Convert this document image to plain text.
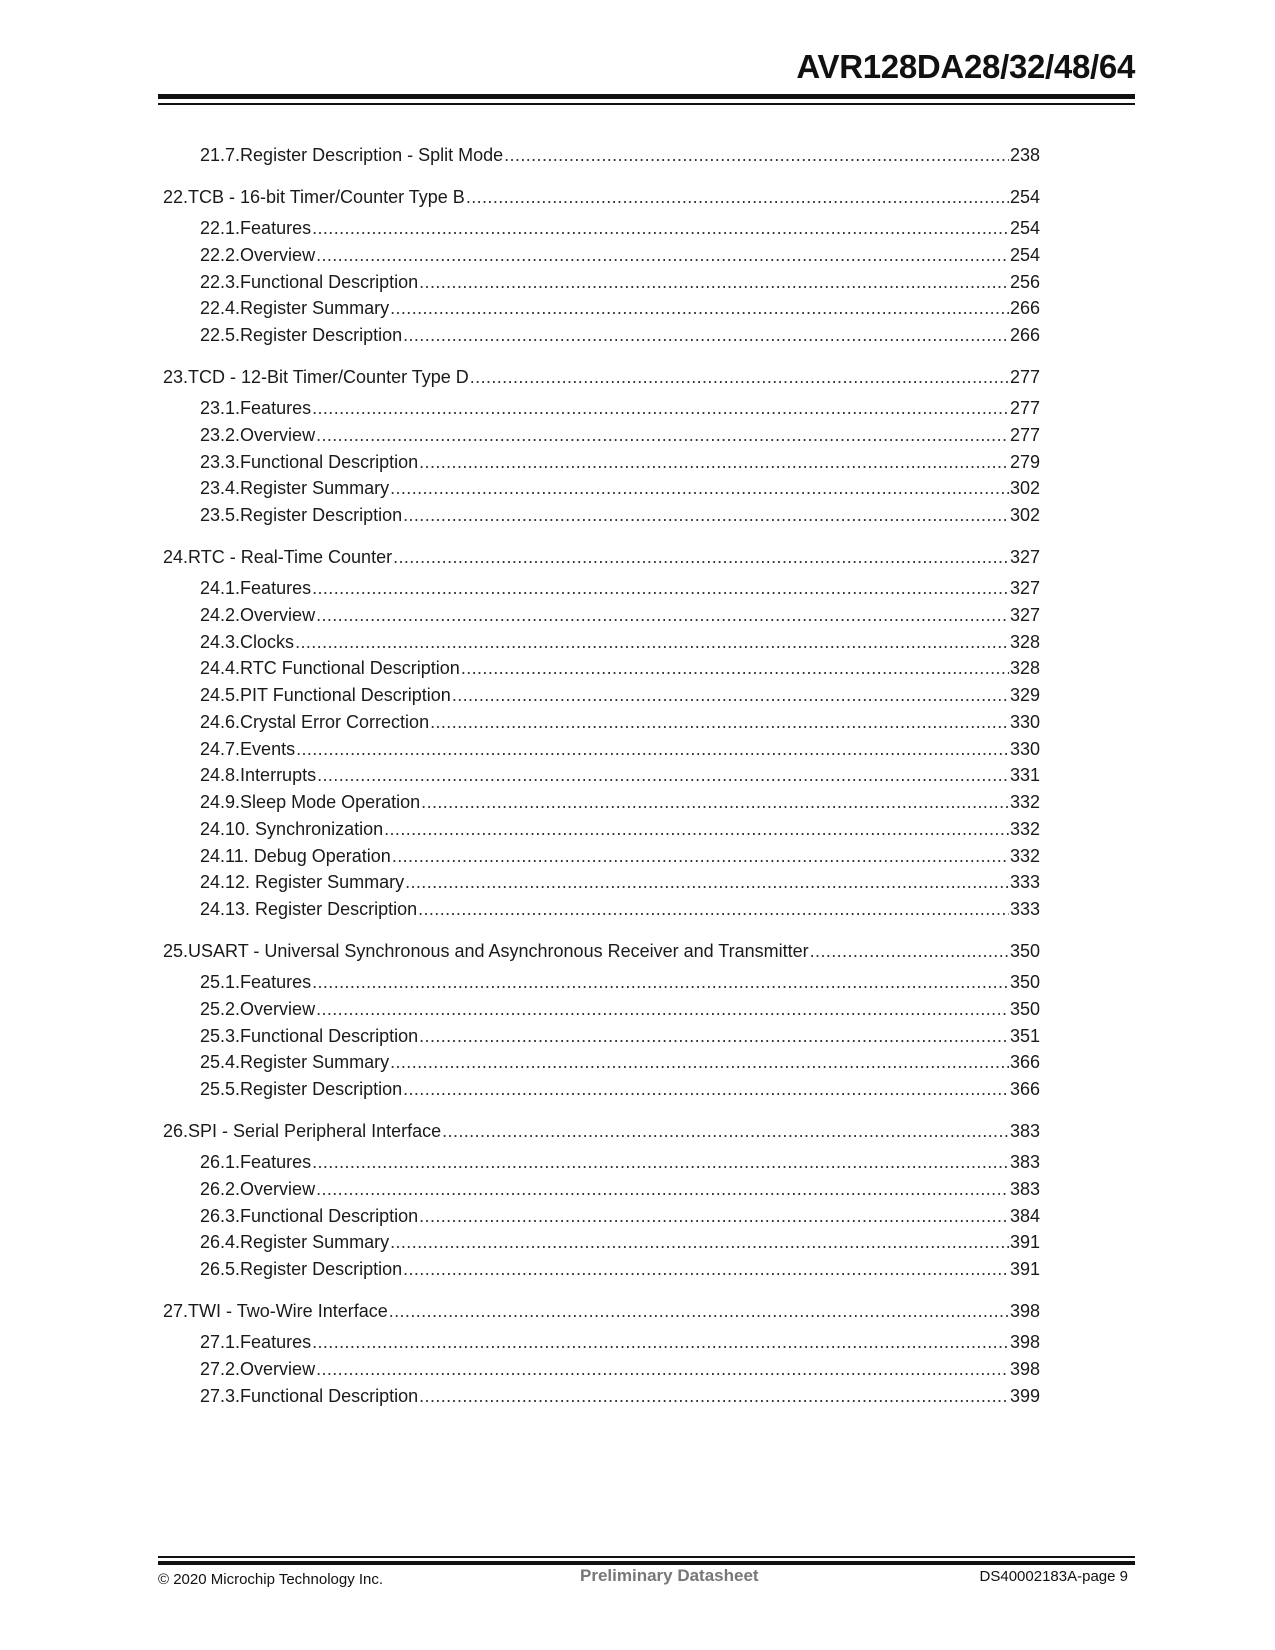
AVR128DA28/32/48/64
21.7. Register Description - Split Mode .....	238
22. TCB - 16-bit Timer/Counter Type B .....	254
22.1. Features .....	254
22.2. Overview .....	254
22.3. Functional Description .....	256
22.4. Register Summary .....	266
22.5. Register Description .....	266
23. TCD - 12-Bit Timer/Counter Type D .....	277
23.1. Features .....	277
23.2. Overview .....	277
23.3. Functional Description .....	279
23.4. Register Summary .....	302
23.5. Register Description .....	302
24. RTC - Real-Time Counter .....	327
24.1. Features .....	327
24.2. Overview .....	327
24.3. Clocks .....	328
24.4. RTC Functional Description .....	328
24.5. PIT Functional Description .....	329
24.6. Crystal Error Correction .....	330
24.7. Events .....	330
24.8. Interrupts .....	331
24.9. Sleep Mode Operation .....	332
24.10. Synchronization .....	332
24.11. Debug Operation .....	332
24.12. Register Summary .....	333
24.13. Register Description .....	333
25. USART - Universal Synchronous and Asynchronous Receiver and Transmitter .....	350
25.1. Features .....	350
25.2. Overview .....	350
25.3. Functional Description .....	351
25.4. Register Summary .....	366
25.5. Register Description .....	366
26. SPI - Serial Peripheral Interface .....	383
26.1. Features .....	383
26.2. Overview .....	383
26.3. Functional Description .....	384
26.4. Register Summary .....	391
26.5. Register Description .....	391
27. TWI - Two-Wire Interface .....	398
27.1. Features .....	398
27.2. Overview .....	398
27.3. Functional Description .....	399
© 2020 Microchip Technology Inc.	Preliminary Datasheet	DS40002183A-page 9
